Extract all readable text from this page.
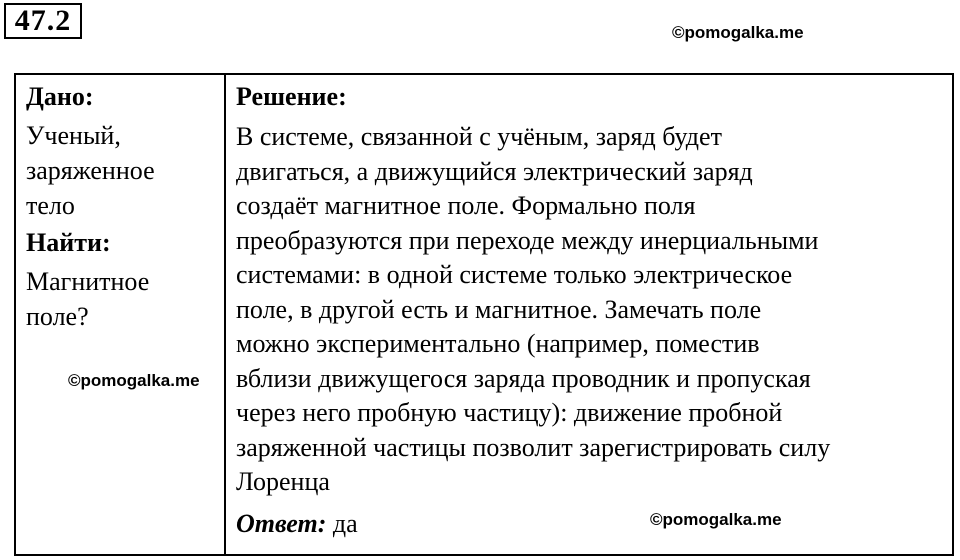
47.2	©pomogalka.me
Дано:
Ученый,
заряженное
тело
Найти:
Магнитное
поле?

Решение:
В системе, связанной с учёным, заряд будет
двигаться, а движущийся электрический заряд
создаёт магнитное поле. Формально поля
преобразуются при переходе между инерциальными
системами: в одной системе только электрическое
поле, в другой есть и магнитное. Замечать поле
можно экспериментально (например, поместив
вблизи движущегося заряда проводник и пропуская
через него пробную частицу): движение пробной
заряженной частицы позволит зарегистрировать силу
Лоренца
Ответ: да
©pomogalka.me
©pomogalka.me
